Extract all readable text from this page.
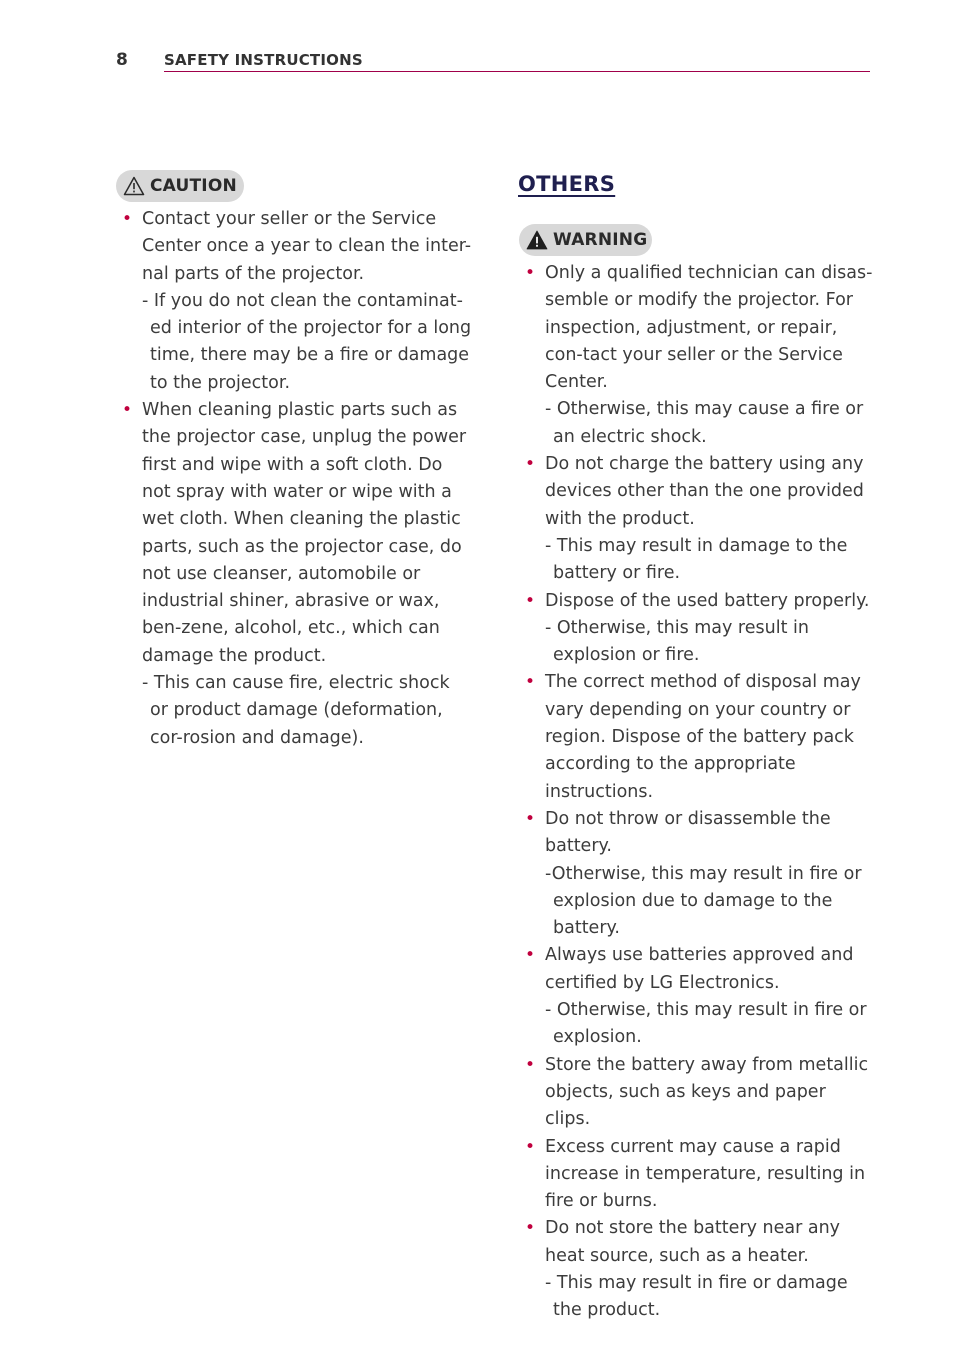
8 SAFETY INSTRUCTIONS
CAUTION	OTHERS
WARNING
• Contact your seller or the Service Center once a year to clean the inter-nal parts of the projector.
- If you do not clean the contaminat-ed interior of the projector for a long time, there may be a fire or damage to the projector.
• When cleaning plastic parts such as the projector case, unplug the power first and wipe with a soft cloth. Do not spray with water or wipe with a wet cloth. When cleaning the plastic parts, such as the projector case, do not use cleanser, automobile or industrial shiner, abrasive or wax, ben-zene, alcohol, etc., which can damage the product.
- This can cause fire, electric shock or product damage (deformation, cor-rosion and damage).
• Only a qualified technician can disas-semble or modify the projector. For inspection, adjustment, or repair, con-tact your seller or the Service Center.
- Otherwise, this may cause a fire or an electric shock.
• Do not charge the battery using any devices other than the one provided with the product.
- This may result in damage to the battery or fire.
• Dispose of the used battery properly.
- Otherwise, this may result in explosion or fire.
• The correct method of disposal may vary depending on your country or region. Dispose of the battery pack according to the appropriate instructions.
• Do not throw or disassemble the battery.
-Otherwise, this may result in fire or explosion due to damage to the battery.
• Always use batteries approved and certified by LG Electronics.
- Otherwise, this may result in fire or explosion.
• Store the battery away from metallic objects, such as keys and paper clips.
• Excess current may cause a rapid increase in temperature, resulting in fire or burns.
• Do not store the battery near any heat source, such as a heater.
- This may result in fire or damage the product.
